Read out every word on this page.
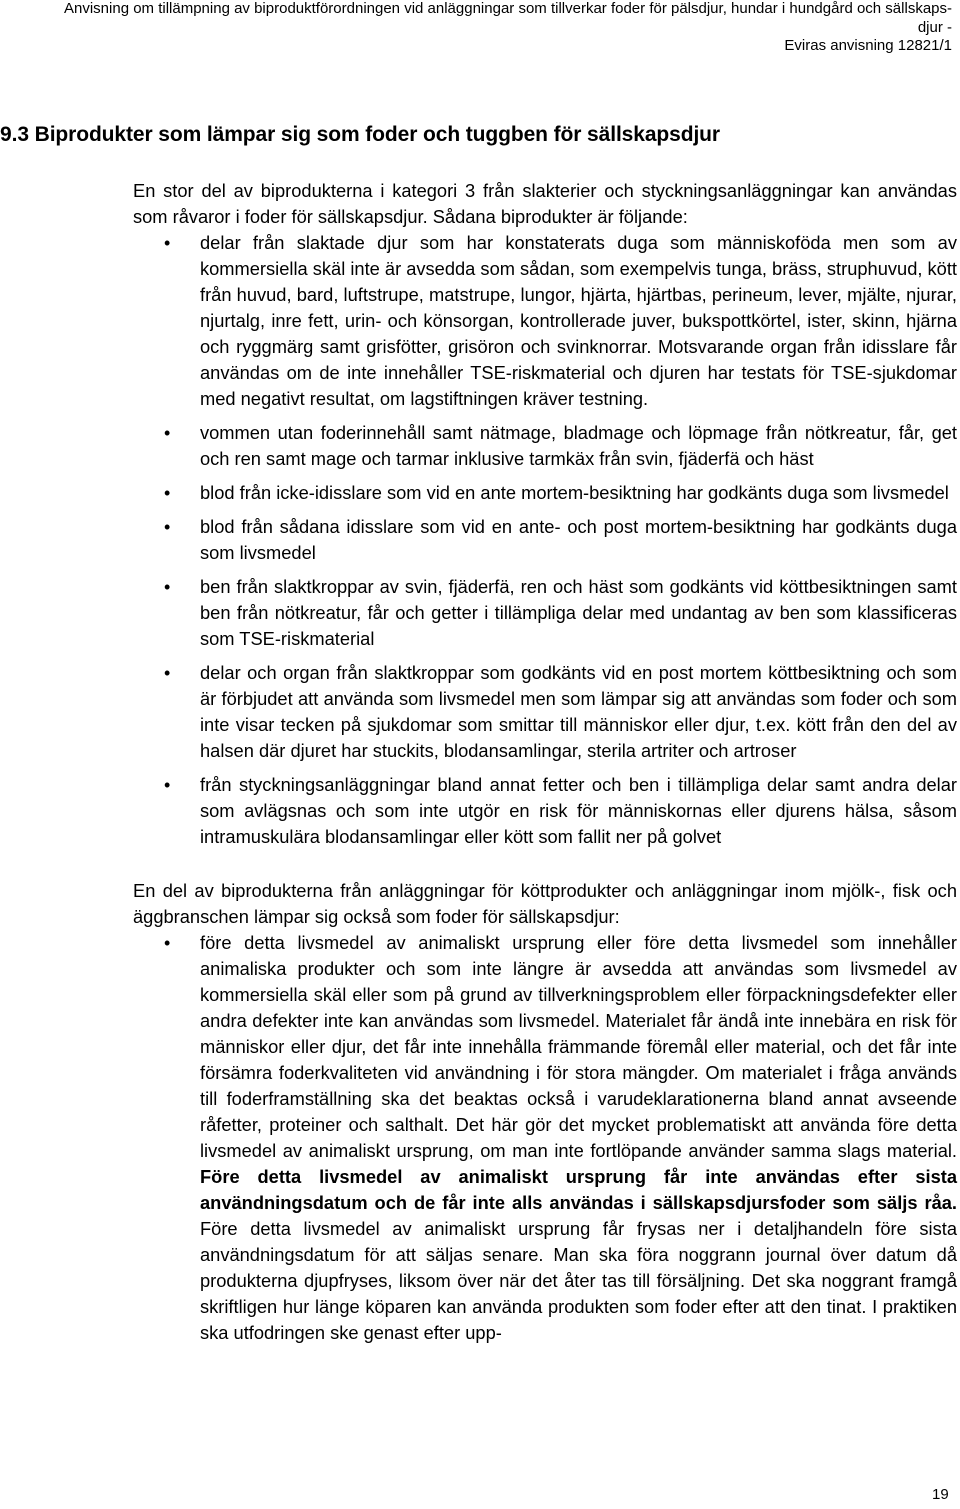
Anvisning om tillämpning av biproduktförordningen vid anläggningar som tillverkar foder för pälsdjur, hundar i hundgård och sällskaps-
djur -
Eviras anvisning 12821/1
9.3 Biprodukter som lämpar sig som foder och tuggben för sällskapsdjur

En stor del av biprodukterna i kategori 3 från slakterier och styckningsanläggningar kan användas som råvaror i foder för sällskapsdjur. Sådana biprodukter är följande:

• delar från slaktade djur som har konstaterats duga som människoföda men som av kommersiella skäl inte är avsedda som sådan, som exempelvis tunga, bräss, struphuvud, kött från huvud, bard, luftstrupe, matstrupe, lungor, hjärta, hjärtbas, perineum, lever, mjälte, njurar, njurtalg, inre fett, urin- och könsorgan, kontrollerade juver, bukspottkörtel, ister, skinn, hjärna och ryggmärg samt grisfötter, grisöron och svinknorrar. Motsvarande organ från idisslare får användas om de inte innehåller TSE-riskmaterial och djuren har testats för TSE-sjukdomar med negativt resultat, om lagstiftningen kräver testning.
• vommen utan foderinnehåll samt nätmage, bladmage och löpmage från nötkreatur, får, get och ren samt mage och tarmar inklusive tarmkäx från svin, fjäderfä och häst
• blod från icke-idisslare som vid en ante mortem-besiktning har godkänts duga som livsmedel
• blod från sådana idisslare som vid en ante- och post mortem-besiktning har godkänts duga som livsmedel
• ben från slaktkroppar av svin, fjäderfä, ren och häst som godkänts vid köttbesiktningen samt ben från nötkreatur, får och getter i tillämpliga delar med undantag av ben som klassificeras som TSE-riskmaterial
• delar och organ från slaktkroppar som godkänts vid en post mortem köttbesiktning och som är förbjudet att använda som livsmedel men som lämpar sig att användas som foder och som inte visar tecken på sjukdomar som smittar till människor eller djur, t.ex. kött från den del av halsen där djuret har stuckits, blodansamlingar, sterila artriter och artroser
• från styckningsanläggningar bland annat fetter och ben i tillämpliga delar samt andra delar som avlägsnas och som inte utgör en risk för människornas eller djurens hälsa, såsom intramuskulära blodansamlingar eller kött som fallit ner på golvet

En del av biprodukterna från anläggningar för köttprodukter och anläggningar inom mjölk-, fisk och äggbranschen lämpar sig också som foder för sällskapsdjur:

• före detta livsmedel av animaliskt ursprung eller före detta livsmedel som innehåller animaliska produkter och som inte längre är avsedda att användas som livsmedel av kommersiella skäl eller som på grund av tillverkningsproblem eller förpackningsdefekter eller andra defekter inte kan användas som livsmedel. Materialet får ändå inte innebära en risk för människor eller djur, det får inte innehålla främmande föremål eller material, och det får inte försämra foderkvaliteten vid användning i för stora mängder. Om materialet i fråga används till foderframställning ska det beaktas också i varudeklarationerna bland annat avseende råfetter, proteiner och salthalt. Det här gör det mycket problematiskt att använda före detta livsmedel av animaliskt ursprung, om man inte fortlöpande använder samma slags material. Före detta livsmedel av animaliskt ursprung får inte användas efter sista användningsdatum och de får inte alls användas i sällskapsdjursfoder som säljs råa. Före detta livsmedel av animaliskt ursprung får frysas ner i detaljhandeln före sista användningsdatum för att säljas senare. Man ska föra noggrann journal över datum då produkterna djupfryses, liksom över när det åter tas till försäljning. Det ska noggrant framgå skriftligen hur länge köparen kan använda produkten som foder efter att den tinat. I praktiken ska utfodringen ske genast efter upp-
19
